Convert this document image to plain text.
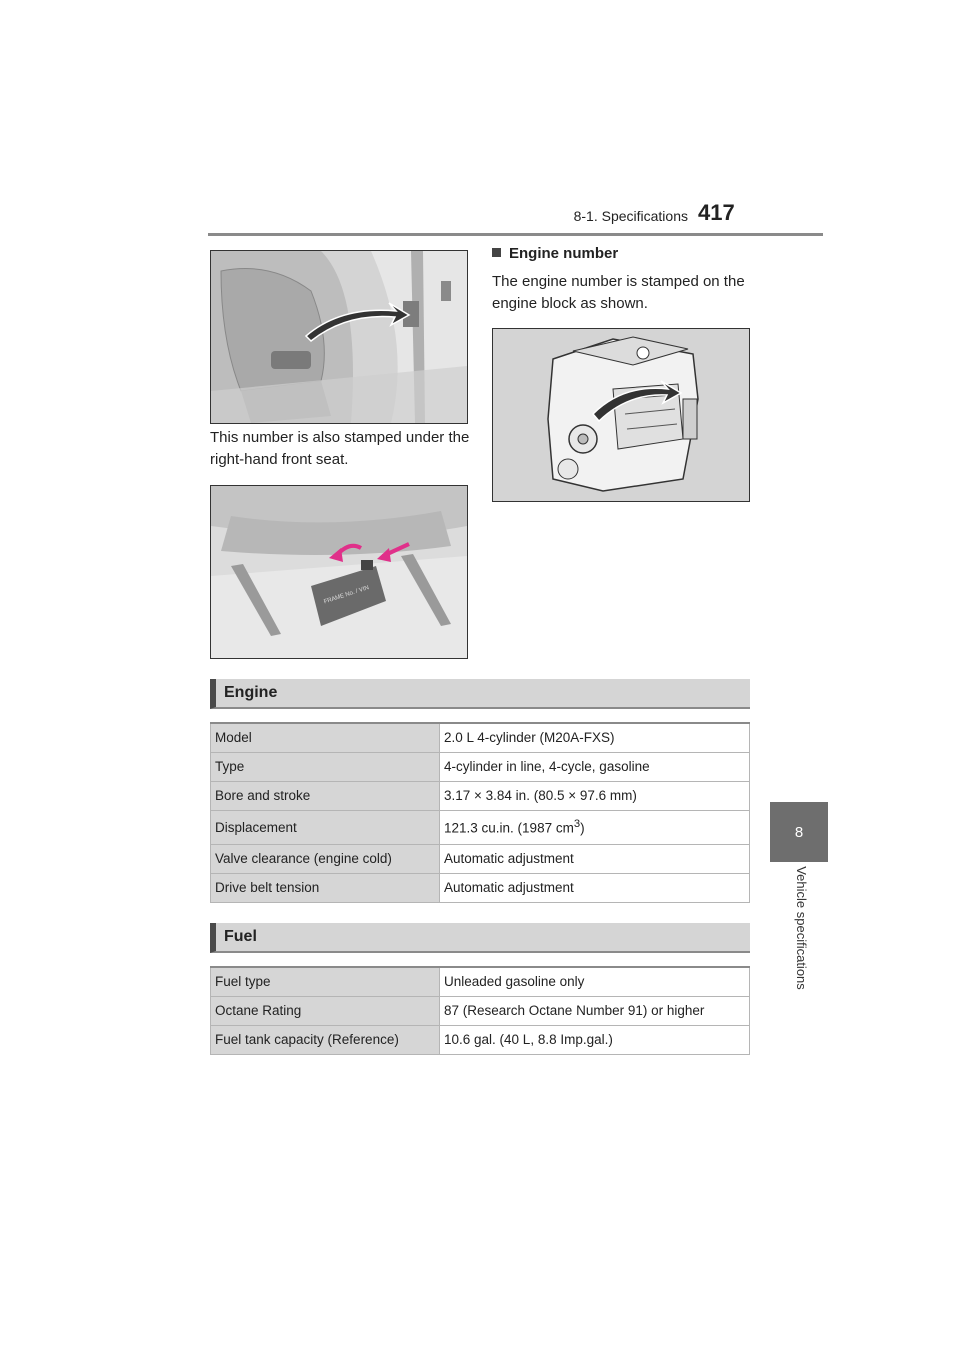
8-1. Specifications 417
8
Vehicle specifications
This number is also stamped under the right-hand front seat.
FRAME No. / VIN
Engine number
The engine number is stamped on the engine block as shown.
Engine
Model	2.0 L 4-cylinder (M20A-FXS)
Type	4-cylinder in line, 4-cycle, gasoline
Bore and stroke	3.17 × 3.84 in. (80.5 × 97.6 mm)
Displacement	121.3 cu.in. (1987 $cm^3$)
Valve clearance (engine cold)	Automatic adjustment
Drive belt tension	Automatic adjustment
Fuel
Fuel type	Unleaded gasoline only
Octane Rating	87 (Research Octane Number 91) or higher
Fuel tank capacity (Reference)	10.6 gal. (40 L, 8.8 Imp.gal.)
